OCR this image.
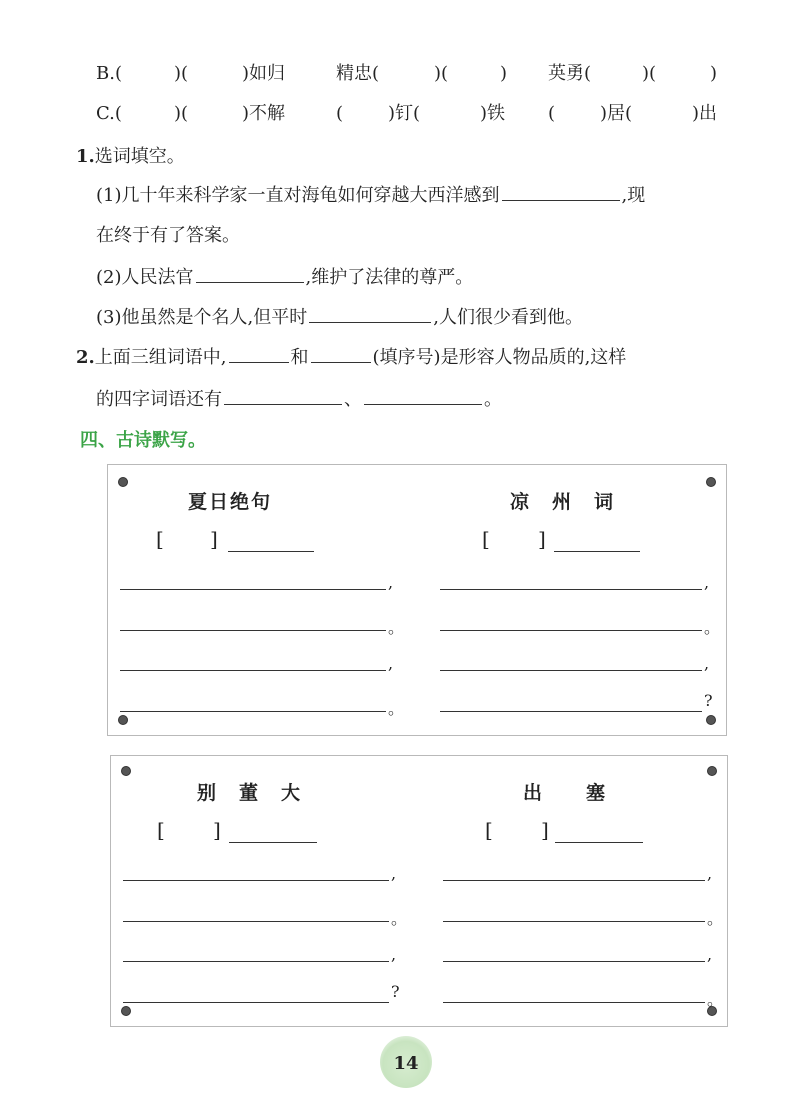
B.(	)(	)如归	精忠(	)(	) 英勇(	)(	)
C.(	)(	)不解	( )钉(	)铁 ( )居(	)出
1.选词填空。
(1)几十年来科学家一直对海龟如何穿越大西洋感到	,现
在终于有了答案。
(2)人民法官	,维护了法律的尊严。
(3)他虽然是个名人,但平时	,人们很少看到他。
2.上面三组词语中,	和	(填序号)是形容人物品质的,这样
的四字词语还有	、	。
四、古诗默写。
夏日绝句
[ ]
,
。
,
。
凉　州　词
[ ]
,
。
,
?
别　董　大
[ ]
,
。
,
?
出　　塞
[ ]
,
。
,
。
14
